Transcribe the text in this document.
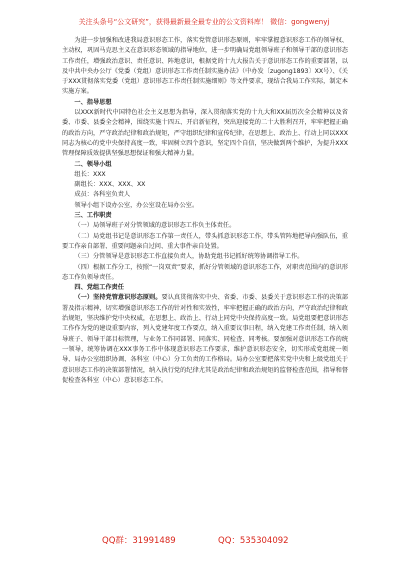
关注头条号“公文研究”，获得最新最全最专业的公文资料库！ 微信：gongwenyj

为进一步加强和改进我局意识形态工作，落实党管意识形态原则，牢牢掌握意识形态工作的领导权、主动权，巩固马克思主义在意识形态领域的指导地位，进一步明确局党组领导班子和领导干部的意识形态工作责任，增强政治意识、责任意识、阵地意识，根据党的十九大报告关于意识形态工作的重要部署，以及中共中央办公厅《党委（党组）意识形态工作责任制实施办法》（中办发〔zugong1893〕XX号）、《关于XXX贯彻落实党委（党组）意识形态工作责任制实施细则》等文件要求，现结合我局工作实际，制定本实施方案。

一、指导思想

以XXX新时代中国特色社会主义思想为指导，深入贯彻落实党的十九大和XX届历次全会精神以及省委、市委、县委全会精神，围绕实施十四五、开启新征程，突出迎接党的二十大胜利召开，牢牢把握正确的政治方向，严守政治纪律和政治规矩，严守组织纪律和宣传纪律，在思想上、政治上、行动上同以XXX同志为核心的党中央保持高度一致，牢固树立四个意识，坚定四个自信，坚决做到两个维护，为提升XXX管理保障质效提供坚强思想保证和强大精神力量。

二、领导小组

组长：XXX

副组长：XXX、XXX、XX

成员：各科室负责人

领导小组下设办公室，办公室设在局办公室。

三、工作职责

（一）局领导班子对分管领域的意识形态工作负主体责任。

（二）局党组书记是意识形态工作第一责任人，带头抓意识形态工作，带头管阵地把导向强队伍，重要工作亲自部署、重要问题亲自过问、重大事件亲自处置。

（三）分管领导是意识形态工作直接负责人，协助党组书记抓好统筹协调指导工作。

（四）根据工作分工，按照“一岗双责”要求，抓好分管领域的意识形态工作，对职责范围内的意识形态工作负领导责任。

四、党组工作责任

（一）坚持党管意识形态原则。要认真贯彻落实中央、省委、市委、县委关于意识形态工作的决策部署及指示精神，切实增强意识形态工作的针对性和实效性，牢牢把握正确的政治方向，严守政治纪律和政治规矩，坚决维护党中央权威，在思想上、政治上、行动上同党中央保持高度一致。局党组要把意识形态工作作为党的建设重要内容，列入党建年度工作要点，纳入重要议事日程，纳入党建工作责任制，纳入领导班子、领导干部目标管理，与业务工作同部署、同落实、同检查、同考核。要加强对意识形态工作的统一领导，统筹协调在XXX事务工作中体现意识形态工作要求，维护意识形态安全，切实形成党组统一领导、局办公室组织协调、各科室（中心）分工负责的工作格局。局办公室要把落实党中央和上级党组关于意识形态工作的决策部署情况，纳入执行党的纪律尤其是政治纪律和政治规矩的监督检查范围，指导和督促检查各科室（中心）意识形态工作。

QQ群：31991489	QQ：535304092
